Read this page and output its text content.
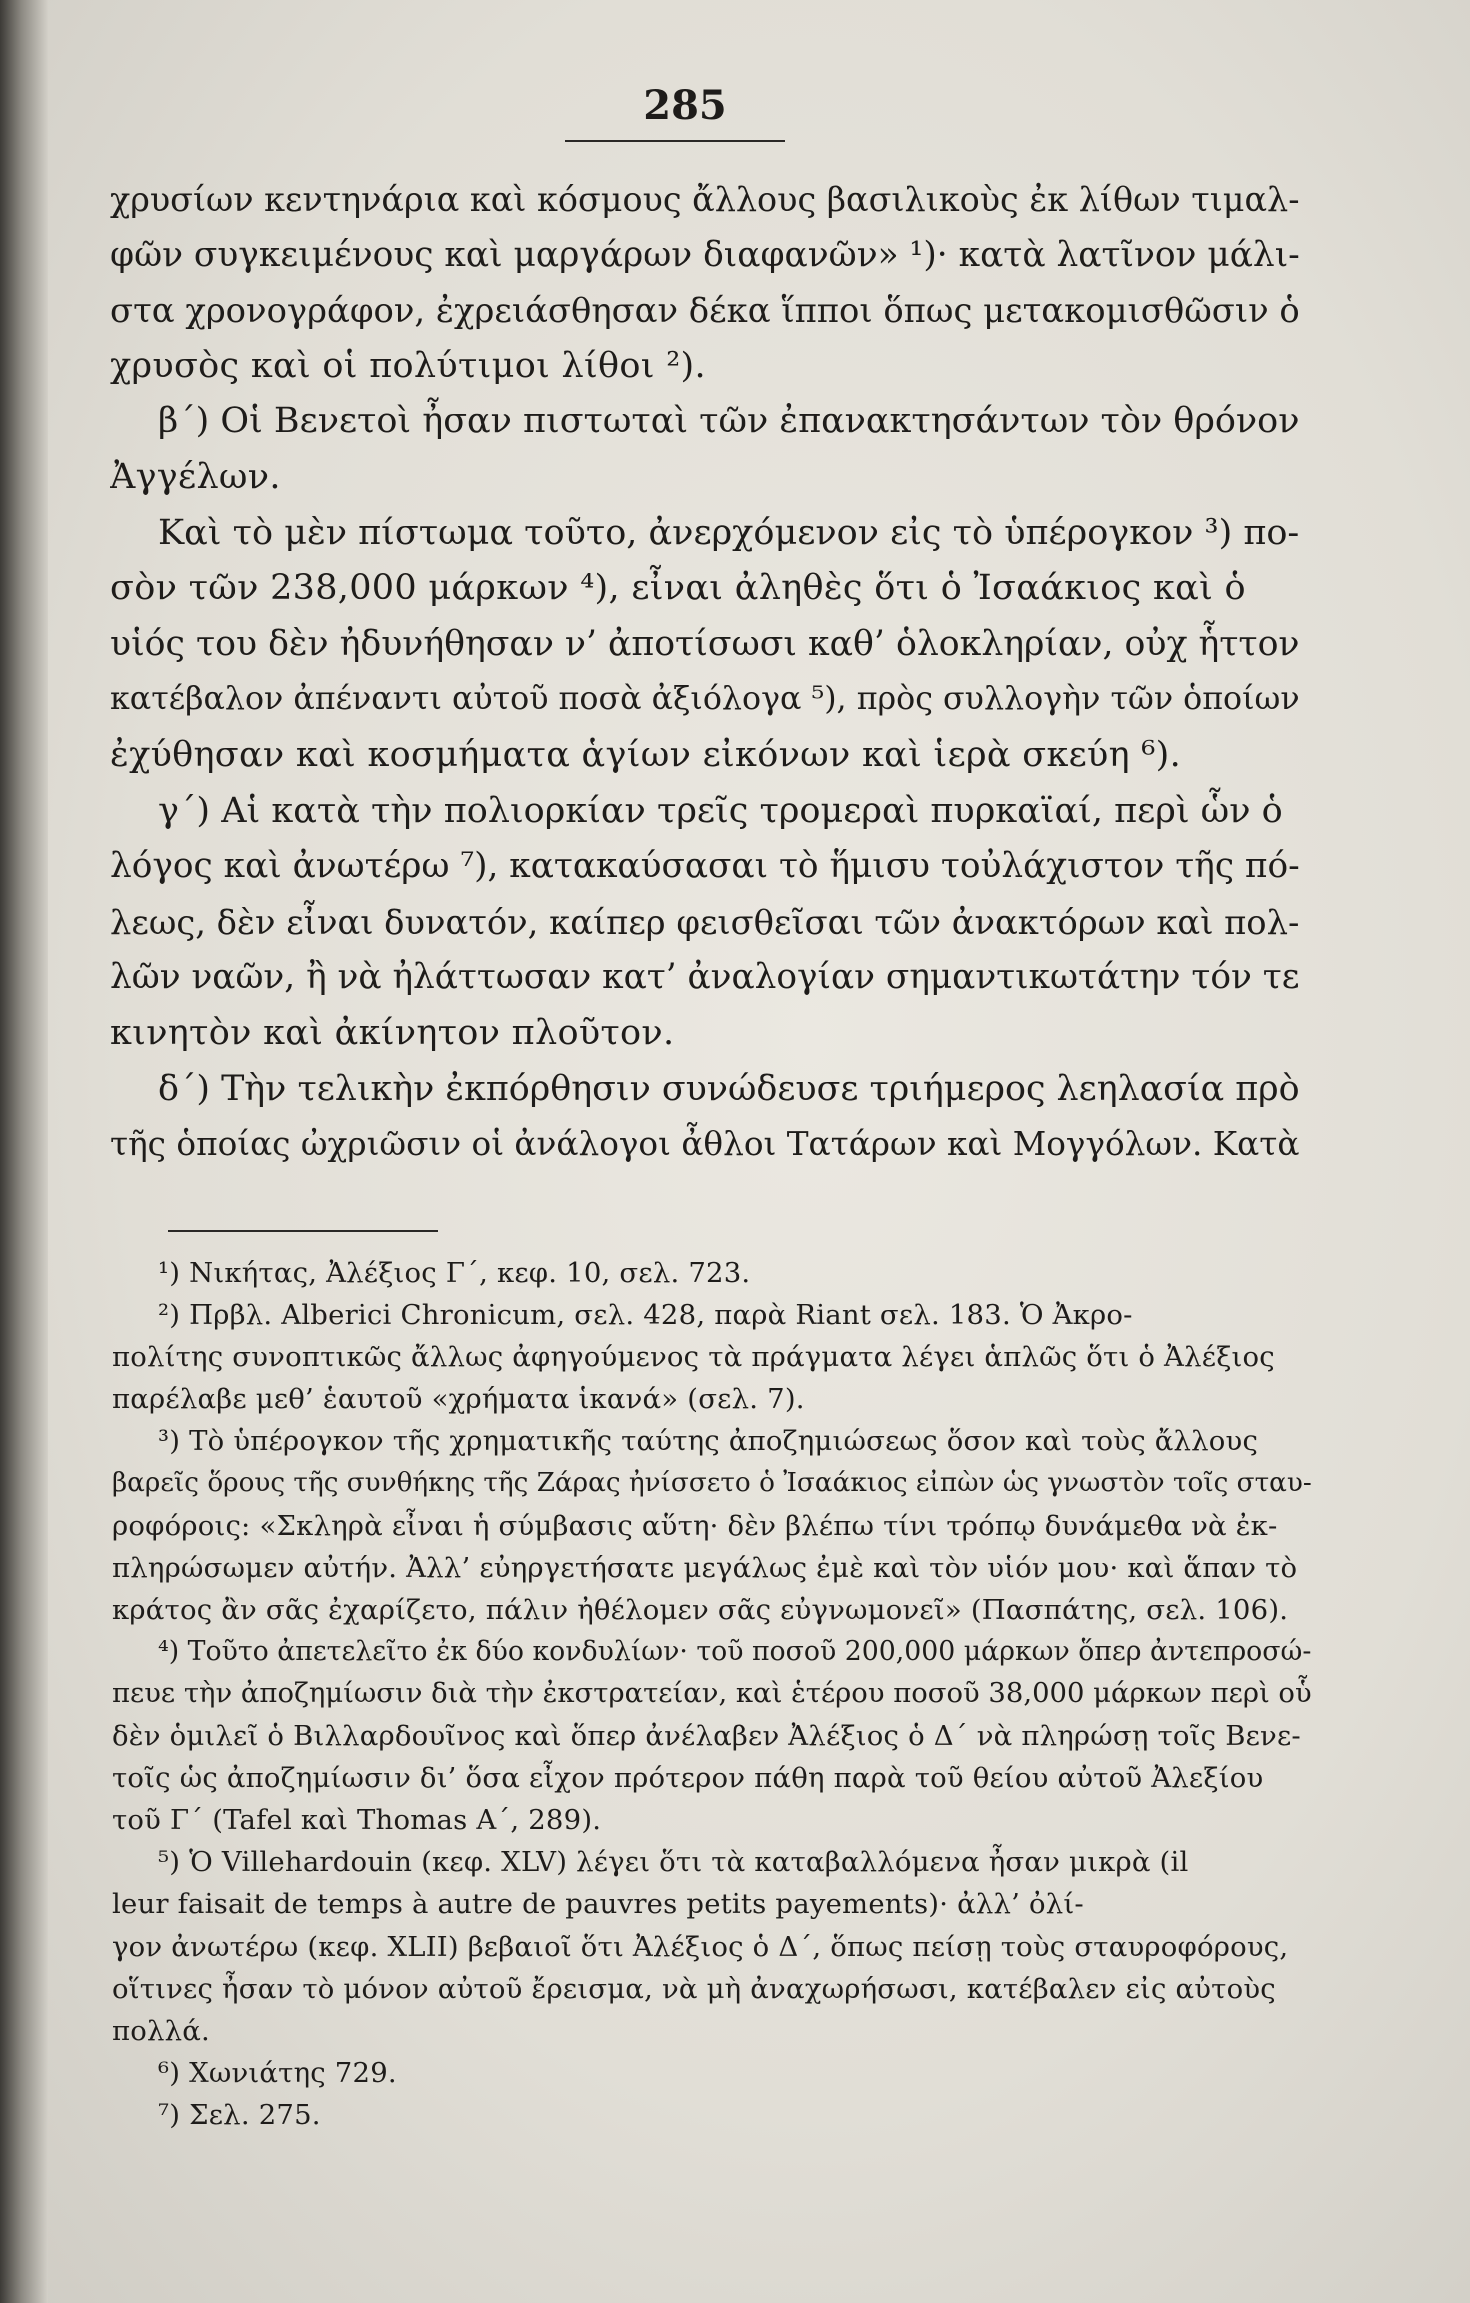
285
χρυσίων κεντηνάρια καὶ κόσμους ἄλλους βασιλικοὺς ἐκ λίθων τιμαλ-
φῶν συγκειμένους καὶ μαργάρων διαφανῶν» ¹)· κατὰ λατῖνον μάλι-
στα χρονογράφον, ἐχρειάσθησαν δέκα ἵπποι ὅπως μετακομισθῶσιν ὁ
χρυσὸς καὶ οἱ πολύτιμοι λίθοι ²).
β΄) Οἱ Βενετοὶ ἦσαν πιστωταὶ τῶν ἐπανακτησάντων τὸν θρόνον
Ἀγγέλων.
Καὶ τὸ μὲν πίστωμα τοῦτο, ἀνερχόμενον εἰς τὸ ὑπέρογκον ³) πο-
σὸν τῶν 238,000 μάρκων ⁴), εἶναι ἀληθὲς ὅτι ὁ Ἰσαάκιος καὶ ὁ
υἱός του δὲν ἠδυνήθησαν ν’ ἀποτίσωσι καθ’ ὁλοκληρίαν, οὐχ ἧττον
κατέβαλον ἀπέναντι αὐτοῦ ποσὰ ἀξιόλογα ⁵), πρὸς συλλογὴν τῶν ὁποίων
ἐχύθησαν καὶ κοσμήματα ἁγίων εἰκόνων καὶ ἱερὰ σκεύη ⁶).
γ΄) Αἱ κατὰ τὴν πολιορκίαν τρεῖς τρομεραὶ πυρκαϊαί, περὶ ὧν ὁ
λόγος καὶ ἀνωτέρω ⁷), κατακαύσασαι τὸ ἥμισυ τοὐλάχιστον τῆς πό-
λεως, δὲν εἶναι δυνατόν, καίπερ φεισθεῖσαι τῶν ἀνακτόρων καὶ πολ-
λῶν ναῶν, ἢ νὰ ἠλάττωσαν κατ’ ἀναλογίαν σημαντικωτάτην τόν τε
κινητὸν καὶ ἀκίνητον πλοῦτον.
δ΄) Τὴν τελικὴν ἐκπόρθησιν συνώδευσε τριήμερος λεηλασία πρὸ
τῆς ὁποίας ὠχριῶσιν οἱ ἀνάλογοι ἆθλοι Τατάρων καὶ Μογγόλων. Κατὰ
¹) Νικήτας, Ἀλέξιος Γ΄, κεφ. 10, σελ. 723.
²) Πρβλ. Alberici Chronicum, σελ. 428, παρὰ Riant σελ. 183. Ὁ Ἀκρο-
πολίτης συνοπτικῶς ἄλλως ἀφηγούμενος τὰ πράγματα λέγει ἁπλῶς ὅτι ὁ Ἀλέξιος
παρέλαβε μεθ’ ἑαυτοῦ «χρήματα ἱκανά» (σελ. 7).
³) Τὸ ὑπέρογκον τῆς χρηματικῆς ταύτης ἀποζημιώσεως ὅσον καὶ τοὺς ἄλλους
βαρεῖς ὅρους τῆς συνθήκης τῆς Ζάρας ἠνίσσετο ὁ Ἰσαάκιος εἰπὼν ὡς γνωστὸν τοῖς σταυ-
ροφόροις: «Σκληρὰ εἶναι ἡ σύμβασις αὕτη· δὲν βλέπω τίνι τρόπῳ δυνάμεθα νὰ ἐκ-
πληρώσωμεν αὐτήν. Ἀλλ’ εὐηργετήσατε μεγάλως ἐμὲ καὶ τὸν υἱόν μου· καὶ ἅπαν τὸ
κράτος ἂν σᾶς ἐχαρίζετο, πάλιν ἠθέλομεν σᾶς εὐγνωμονεῖ» (Πασπάτης, σελ. 106).
⁴) Τοῦτο ἀπετελεῖτο ἐκ δύο κονδυλίων· τοῦ ποσοῦ 200,000 μάρκων ὅπερ ἀντεπροσώ-
πευε τὴν ἀποζημίωσιν διὰ τὴν ἐκστρατείαν, καὶ ἑτέρου ποσοῦ 38,000 μάρκων περὶ οὗ
δὲν ὁμιλεῖ ὁ Βιλλαρδουῖνος καὶ ὅπερ ἀνέλαβεν Ἀλέξιος ὁ Δ΄ νὰ πληρώσῃ τοῖς Βενε-
τοῖς ὡς ἀποζημίωσιν δι’ ὅσα εἶχον πρότερον πάθη παρὰ τοῦ θείου αὐτοῦ Ἀλεξίου
τοῦ Γ΄ (Tafel καὶ Thomas A΄, 289).
⁵) Ὁ Villehardouin (κεφ. XLV) λέγει ὅτι τὰ καταβαλλόμενα ἦσαν μικρὰ (il
leur faisait de temps à autre de pauvres petits payements)· ἀλλ’ ὀλί-
γον ἀνωτέρω (κεφ. XLII) βεβαιοῖ ὅτι Ἀλέξιος ὁ Δ΄, ὅπως πείσῃ τοὺς σταυροφόρους,
οἵτινες ἦσαν τὸ μόνον αὐτοῦ ἔρεισμα, νὰ μὴ ἀναχωρήσωσι, κατέβαλεν εἰς αὐτοὺς
πολλά.
⁶) Χωνιάτης 729.
⁷) Σελ. 275.
